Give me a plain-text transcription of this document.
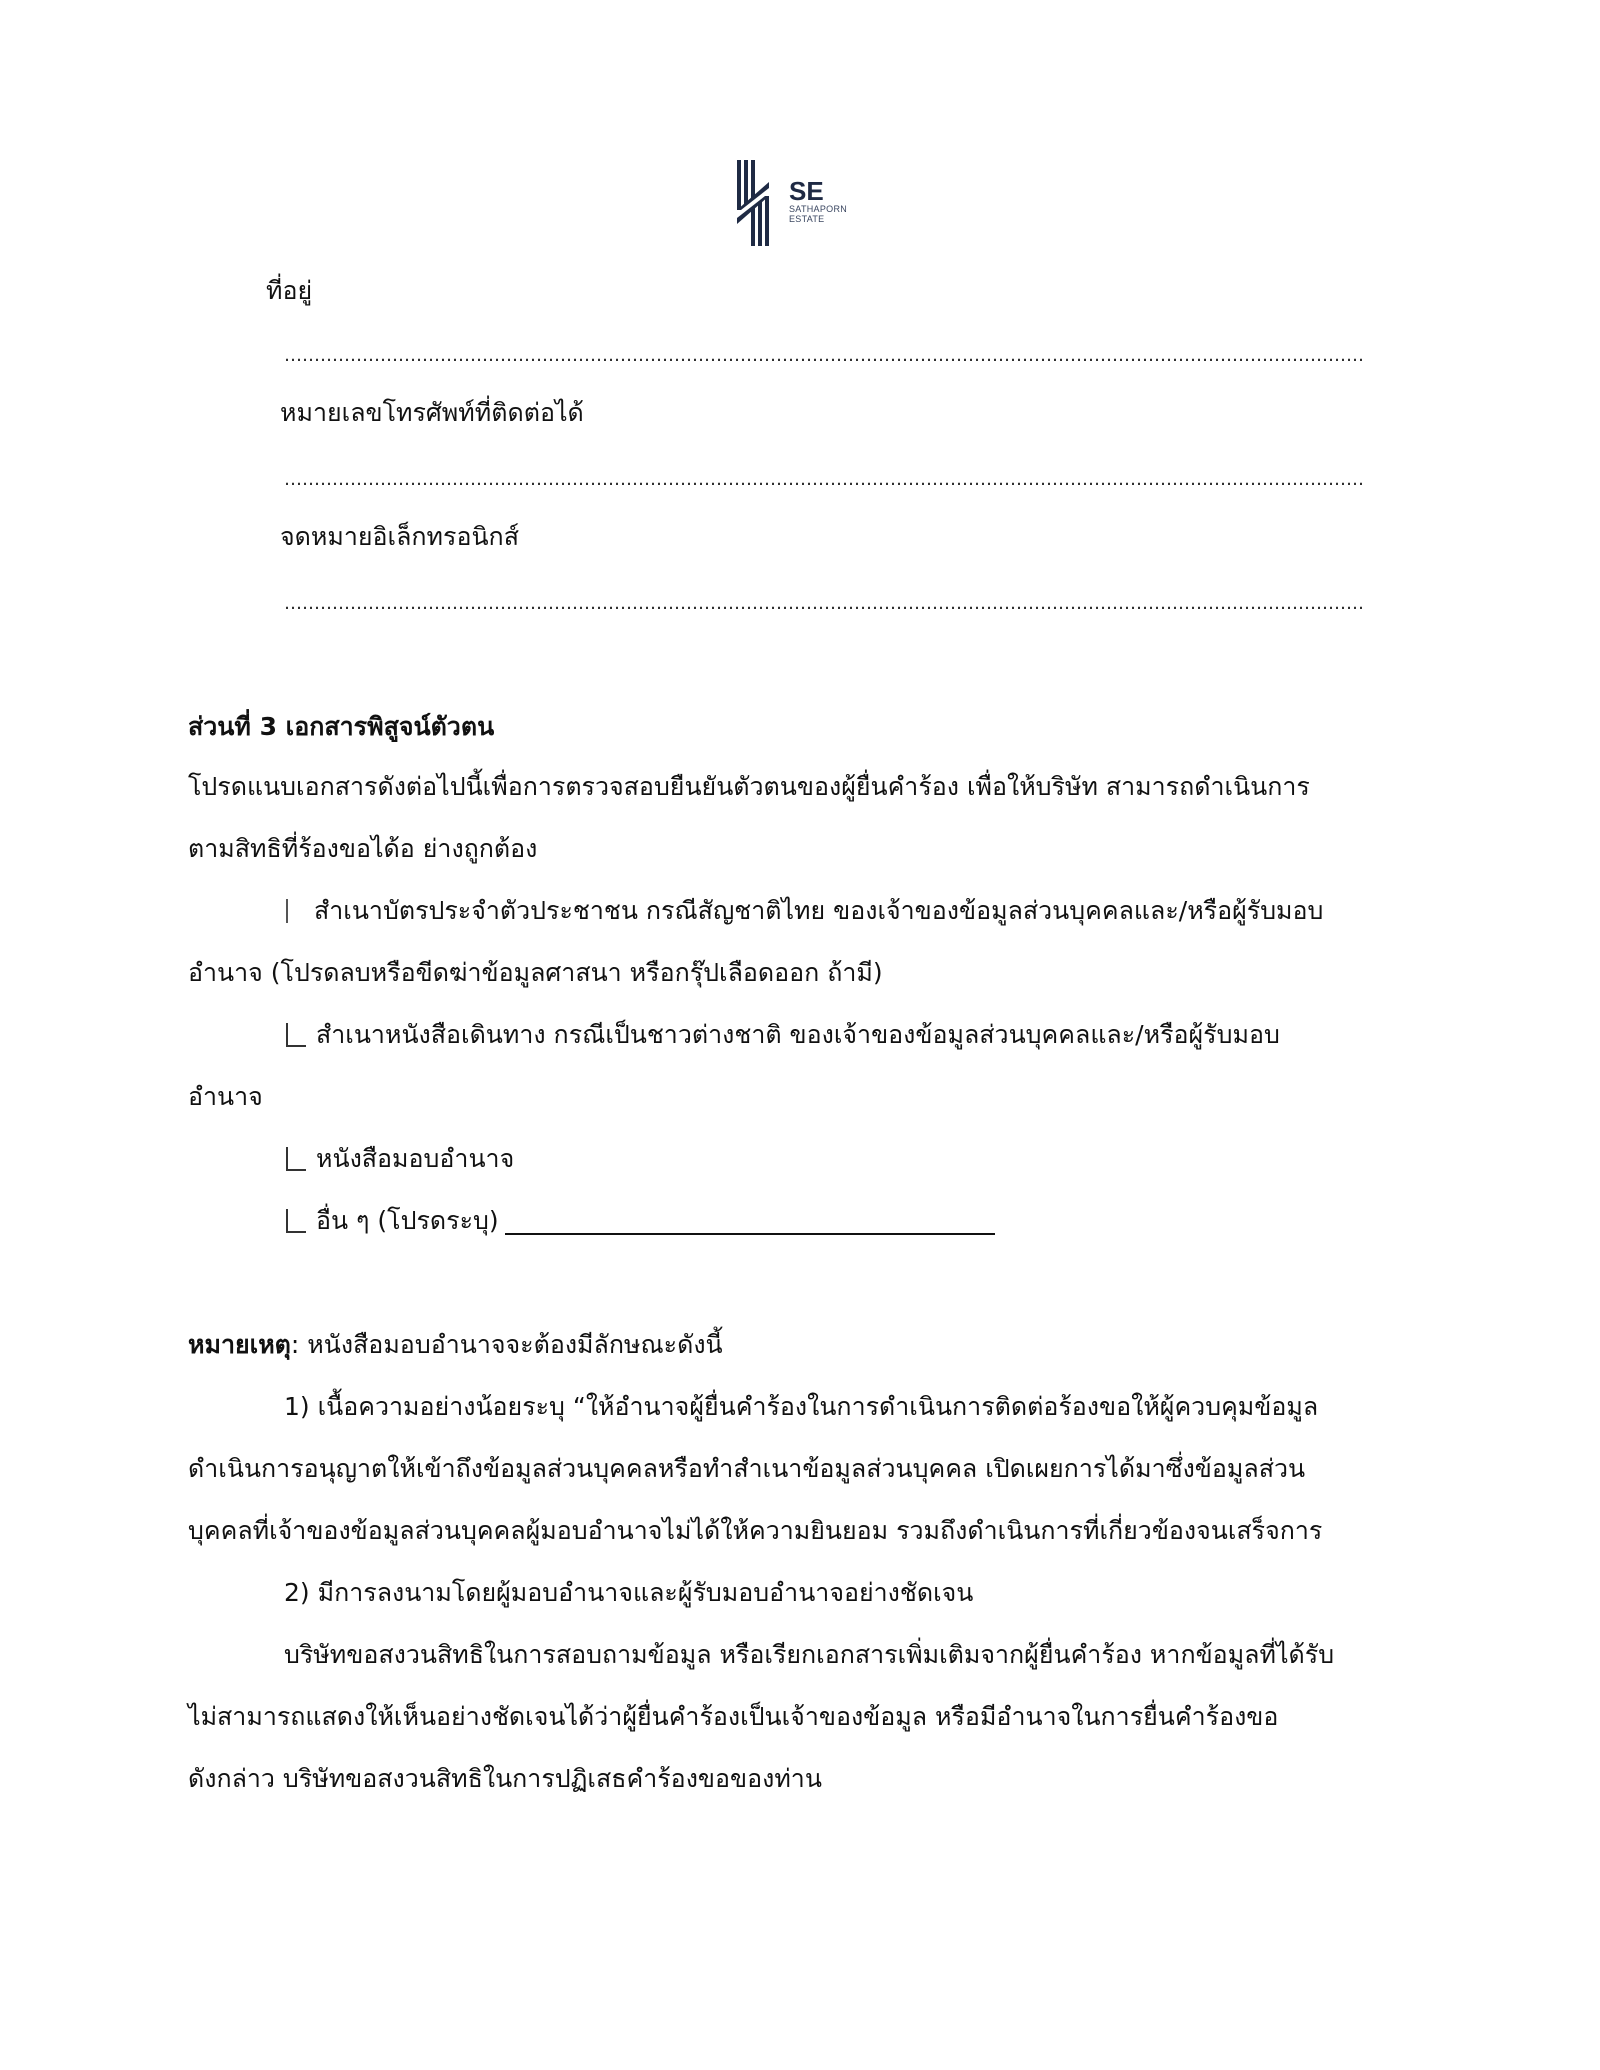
SE
SATHAPORN
ESTATE
ที่อยู่
………………………………………………………………………………………………………………………………………………………………
หมายเลขโทรศัพท์ที่ติดต่อได้
………………………………………………………………………………………………………………………………………………………………
จดหมายอิเล็กทรอนิกส์
………………………………………………………………………………………………………………………………………………………………
ส่วนที่ 3 เอกสารพิสูจน์ตัวตน
โปรดแนบเอกสารดังต่อไปนี้เพื่อการตรวจสอบยืนยันตัวตนของผู้ยื่นคำร้อง เพื่อให้บริษัท สามารถดำเนินการ
ตามสิทธิที่ร้องขอได้อ ย่างถูกต้อง
สำเนาบัตรประจำตัวประชาชน กรณีสัญชาติไทย ของเจ้าของข้อมูลส่วนบุคคลและ/หรือผู้รับมอบ
อำนาจ (โปรดลบหรือขีดฆ่าข้อมูลศาสนา หรือกรุ๊ปเลือดออก ถ้ามี)
สำเนาหนังสือเดินทาง กรณีเป็นชาวต่างชาติ ของเจ้าของข้อมูลส่วนบุคคลและ/หรือผู้รับมอบ
อำนาจ
หนังสือมอบอำนาจ
อื่น ๆ (โปรดระบุ)
หมายเหตุ: หนังสือมอบอำนาจจะต้องมีลักษณะดังนี้
1) เนื้อความอย่างน้อยระบุ “ให้อำนาจผู้ยื่นคำร้องในการดำเนินการติดต่อร้องขอให้ผู้ควบคุมข้อมูล
ดำเนินการอนุญาตให้เข้าถึงข้อมูลส่วนบุคคลหรือทำสำเนาข้อมูลส่วนบุคคล เปิดเผยการได้มาซึ่งข้อมูลส่วน
บุคคลที่เจ้าของข้อมูลส่วนบุคคลผู้มอบอำนาจไม่ได้ให้ความยินยอม รวมถึงดำเนินการที่เกี่ยวข้องจนเสร็จการ
2) มีการลงนามโดยผู้มอบอำนาจและผู้รับมอบอำนาจอย่างชัดเจน
บริษัทขอสงวนสิทธิในการสอบถามข้อมูล หรือเรียกเอกสารเพิ่มเติมจากผู้ยื่นคำร้อง หากข้อมูลที่ได้รับ
ไม่สามารถแสดงให้เห็นอย่างชัดเจนได้ว่าผู้ยื่นคำร้องเป็นเจ้าของข้อมูล หรือมีอำนาจในการยื่นคำร้องขอ
ดังกล่าว บริษัทขอสงวนสิทธิในการปฏิเสธคำร้องขอของท่าน
